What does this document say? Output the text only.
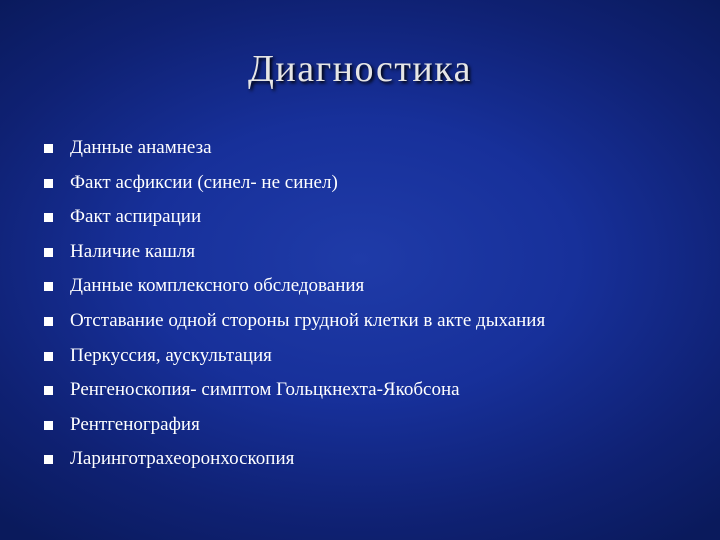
Диагностика
Данные анамнеза
Факт асфиксии (синел- не синел)
Факт аспирации
Наличие кашля
Данные комплексного обследования
Отставание одной стороны грудной клетки в акте дыхания
Перкуссия, аускультация
Ренгеноскопия- симптом Гольцкнехта-Якобсона
Рентгенография
Ларинготрахеоронхоскопия
